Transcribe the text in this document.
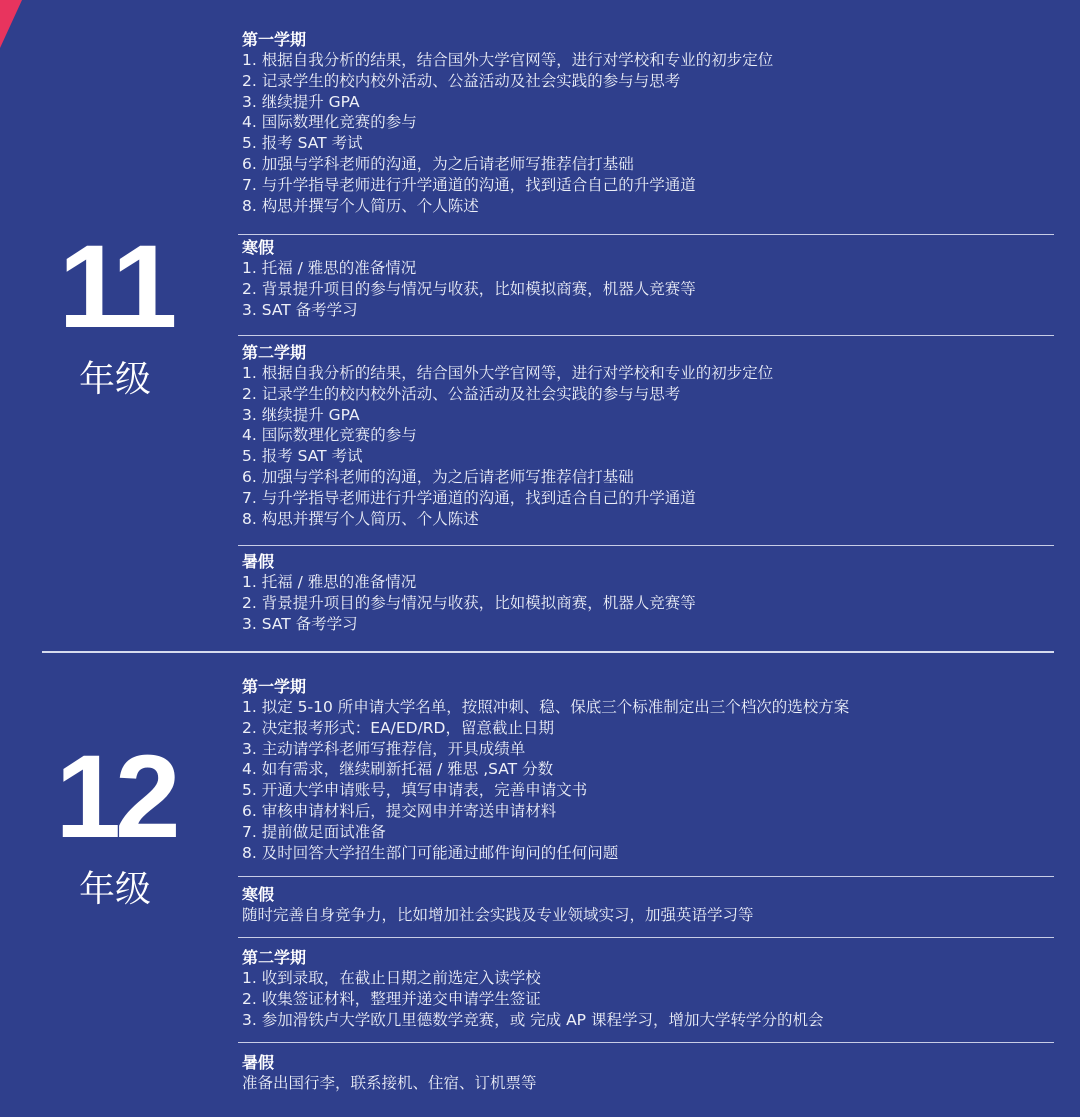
11
年级
第一学期
1. 根据自我分析的结果，结合国外大学官网等，进行对学校和专业的初步定位
2. 记录学生的校内校外活动、公益活动及社会实践的参与与思考
3. 继续提升 GPA
4. 国际数理化竞赛的参与
5. 报考 SAT 考试
6. 加强与学科老师的沟通，为之后请老师写推荐信打基础
7. 与升学指导老师进行升学通道的沟通，找到适合自己的升学通道
8. 构思并撰写个人简历、个人陈述
寒假
1. 托福 / 雅思的准备情况
2. 背景提升项目的参与情况与收获，比如模拟商赛，机器人竞赛等
3. SAT 备考学习
第二学期
1. 根据自我分析的结果，结合国外大学官网等，进行对学校和专业的初步定位
2. 记录学生的校内校外活动、公益活动及社会实践的参与与思考
3. 继续提升 GPA
4. 国际数理化竞赛的参与
5. 报考 SAT 考试
6. 加强与学科老师的沟通，为之后请老师写推荐信打基础
7. 与升学指导老师进行升学通道的沟通，找到适合自己的升学通道
8. 构思并撰写个人简历、个人陈述
暑假
1. 托福 / 雅思的准备情况
2. 背景提升项目的参与情况与收获，比如模拟商赛，机器人竞赛等
3. SAT 备考学习
12
年级
第一学期
1. 拟定 5-10 所申请大学名单，按照冲刺、稳、保底三个标准制定出三个档次的选校方案
2. 决定报考形式：EA/ED/RD，留意截止日期
3. 主动请学科老师写推荐信，开具成绩单
4. 如有需求，继续刷新托福 / 雅思 ,SAT 分数
5. 开通大学申请账号，填写申请表，完善申请文书
6. 审核申请材料后，提交网申并寄送申请材料
7. 提前做足面试准备
8. 及时回答大学招生部门可能通过邮件询问的任何问题
寒假
随时完善自身竞争力，比如增加社会实践及专业领域实习，加强英语学习等
第二学期
1. 收到录取，在截止日期之前选定入读学校
2. 收集签证材料，整理并递交申请学生签证
3. 参加滑铁卢大学欧几里德数学竞赛，或 完成 AP 课程学习，增加大学转学分的机会
暑假
准备出国行李，联系接机、住宿、订机票等
